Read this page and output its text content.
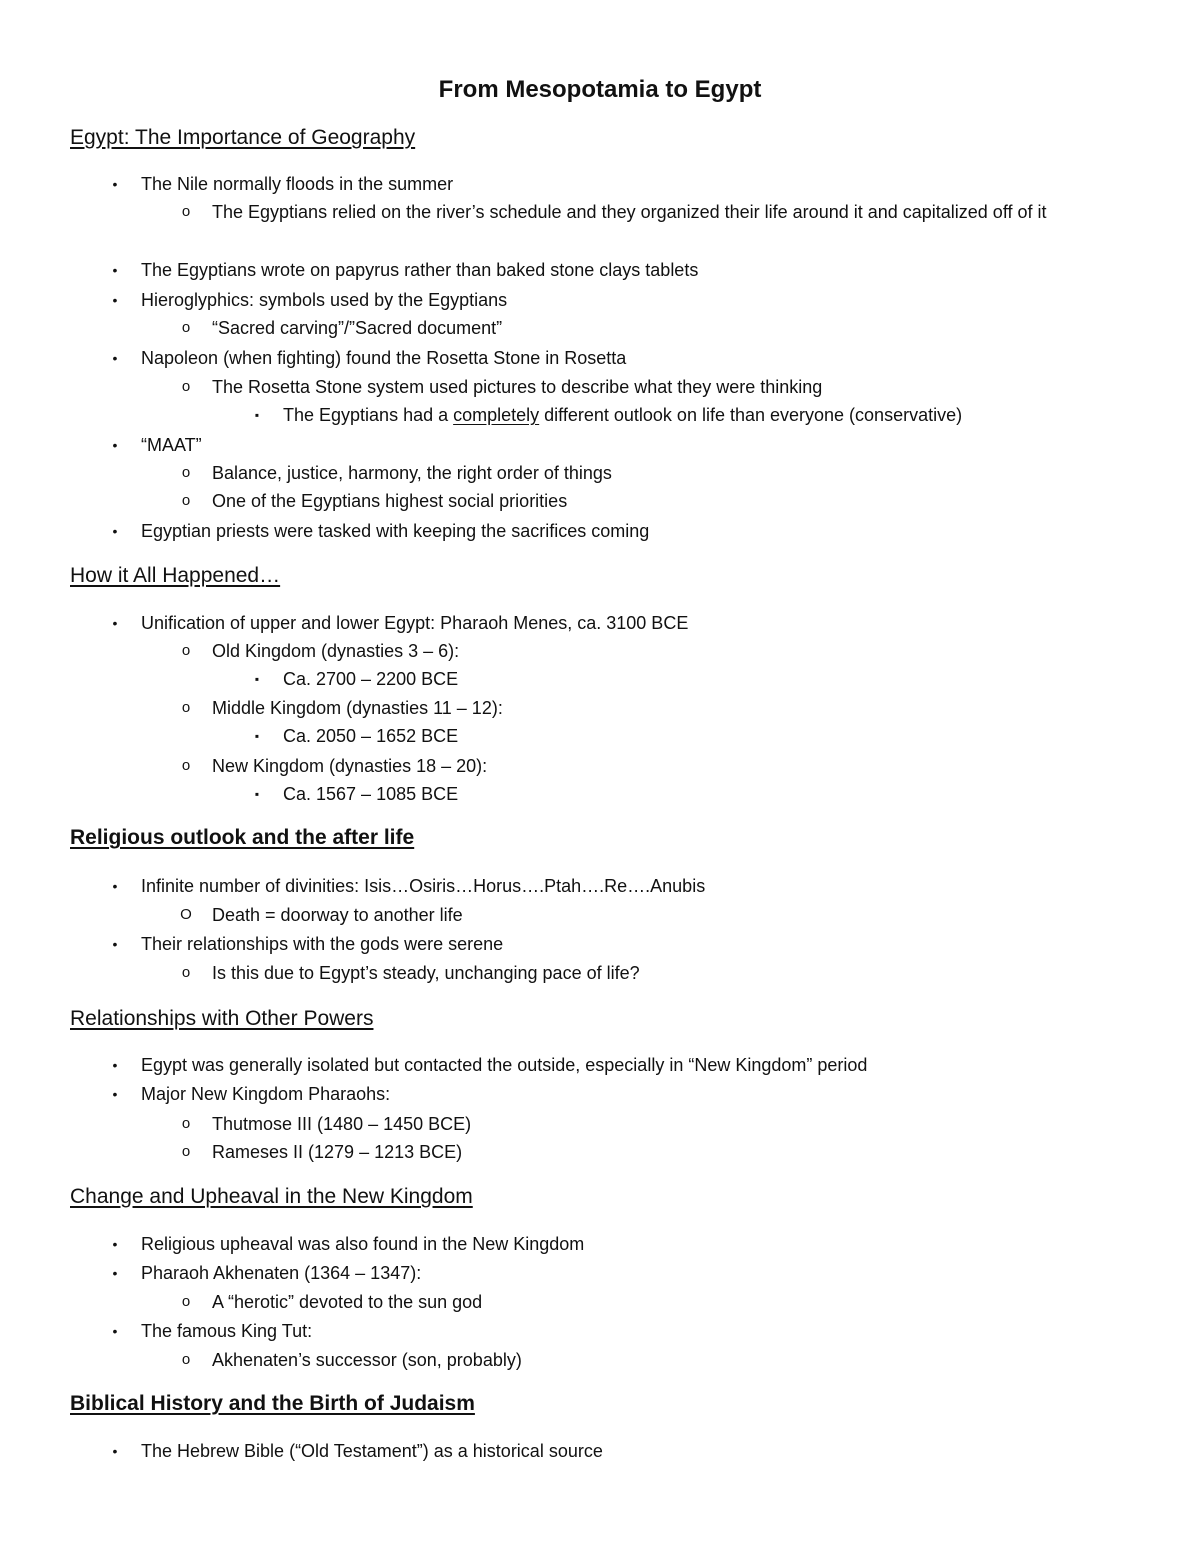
From Mesopotamia to Egypt
Egypt: The Importance of Geography
•	The Nile normally floods in the summer
o	The Egyptians relied on the river’s schedule and they organized their life around it and capitalized off of it
•	The Egyptians wrote on papyrus rather than baked stone clays tablets
•	Hieroglyphics: symbols used by the Egyptians
o	“Sacred carving”/”Sacred document”
•	Napoleon (when fighting) found the Rosetta Stone in Rosetta
o	The Rosetta Stone system used pictures to describe what they were thinking
▪	The Egyptians had a completely different outlook on life than everyone (conservative)
•	“MAAT”
o	Balance, justice, harmony, the right order of things
o	One of the Egyptians highest social priorities
•	Egyptian priests were tasked with keeping the sacrifices coming
How it All Happened…
•	Unification of upper and lower Egypt: Pharaoh Menes, ca. 3100 BCE
o	Old Kingdom (dynasties 3 – 6):
▪	Ca. 2700 – 2200 BCE
o	Middle Kingdom (dynasties 11 – 12):
▪	Ca. 2050 – 1652 BCE
o	New Kingdom (dynasties 18 – 20):
▪	Ca. 1567 – 1085 BCE
Religious outlook and the after life
•	Infinite number of divinities: Isis…Osiris…Horus….Ptah….Re….Anubis
O Death = doorway to another life
•	Their relationships with the gods were serene
o	Is this due to Egypt’s steady, unchanging pace of life?
Relationships with Other Powers
•	Egypt was generally isolated but contacted the outside, especially in “New Kingdom” period
•	Major New Kingdom Pharaohs:
o	Thutmose III (1480 – 1450 BCE)
o	Rameses II (1279 – 1213 BCE)
Change and Upheaval in the New Kingdom
•	Religious upheaval was also found in the New Kingdom
•	Pharaoh Akhenaten (1364 – 1347):
o	A “herotic” devoted to the sun god
•	The famous King Tut:
o	Akhenaten’s successor (son, probably)
Biblical History and the Birth of Judaism
•	The Hebrew Bible (“Old Testament”) as a historical source
